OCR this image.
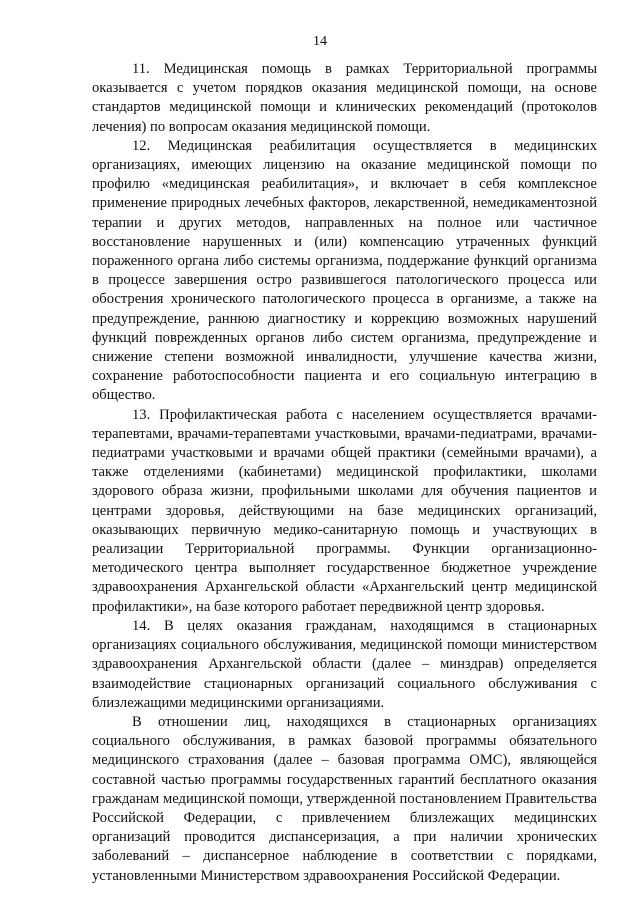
14

11. Медицинская помощь в рамках Территориальной программы оказывается с учетом порядков оказания медицинской помощи, на основе стандартов медицинской помощи и клинических рекомендаций (протоколов лечения) по вопросам оказания медицинской помощи.

12. Медицинская реабилитация осуществляется в медицинских организациях, имеющих лицензию на оказание медицинской помощи по профилю «медицинская реабилитация», и включает в себя комплексное применение природных лечебных факторов, лекарственной, немедикаментозной терапии и других методов, направленных на полное или частичное восстановление нарушенных и (или) компенсацию утраченных функций пораженного органа либо системы организма, поддержание функций организма в процессе завершения остро развившегося патологического процесса или обострения хронического патологического процесса в организме, а также на предупреждение, раннюю диагностику и коррекцию возможных нарушений функций поврежденных органов либо систем организма, предупреждение и снижение степени возможной инвалидности, улучшение качества жизни, сохранение работоспособности пациента и его социальную интеграцию в общество.

13. Профилактическая работа с населением осуществляется врачами-терапевтами, врачами-терапевтами участковыми, врачами-педиатрами, врачами-педиатрами участковыми и врачами общей практики (семейными врачами), а также отделениями (кабинетами) медицинской профилактики, школами здорового образа жизни, профильными школами для обучения пациентов и центрами здоровья, действующими на базе медицинских организаций, оказывающих первичную медико-санитарную помощь и участвующих в реализации Территориальной программы. Функции организационно-методического центра выполняет государственное бюджетное учреждение здравоохранения Архангельской области «Архангельский центр медицинской профилактики», на базе которого работает передвижной центр здоровья.

14. В целях оказания гражданам, находящимся в стационарных организациях социального обслуживания, медицинской помощи министерством здравоохранения Архангельской области (далее – минздрав) определяется взаимодействие стационарных организаций социального обслуживания с близлежащими медицинскими организациями.

В отношении лиц, находящихся в стационарных организациях социального обслуживания, в рамках базовой программы обязательного медицинского страхования (далее – базовая программа ОМС), являющейся составной частью программы государственных гарантий бесплатного оказания гражданам медицинской помощи, утвержденной постановлением Правительства Российской Федерации, с привлечением близлежащих медицинских организаций проводится диспансеризация, а при наличии хронических заболеваний – диспансерное наблюдение в соответствии с порядками, установленными Министерством здравоохранения Российской Федерации.
